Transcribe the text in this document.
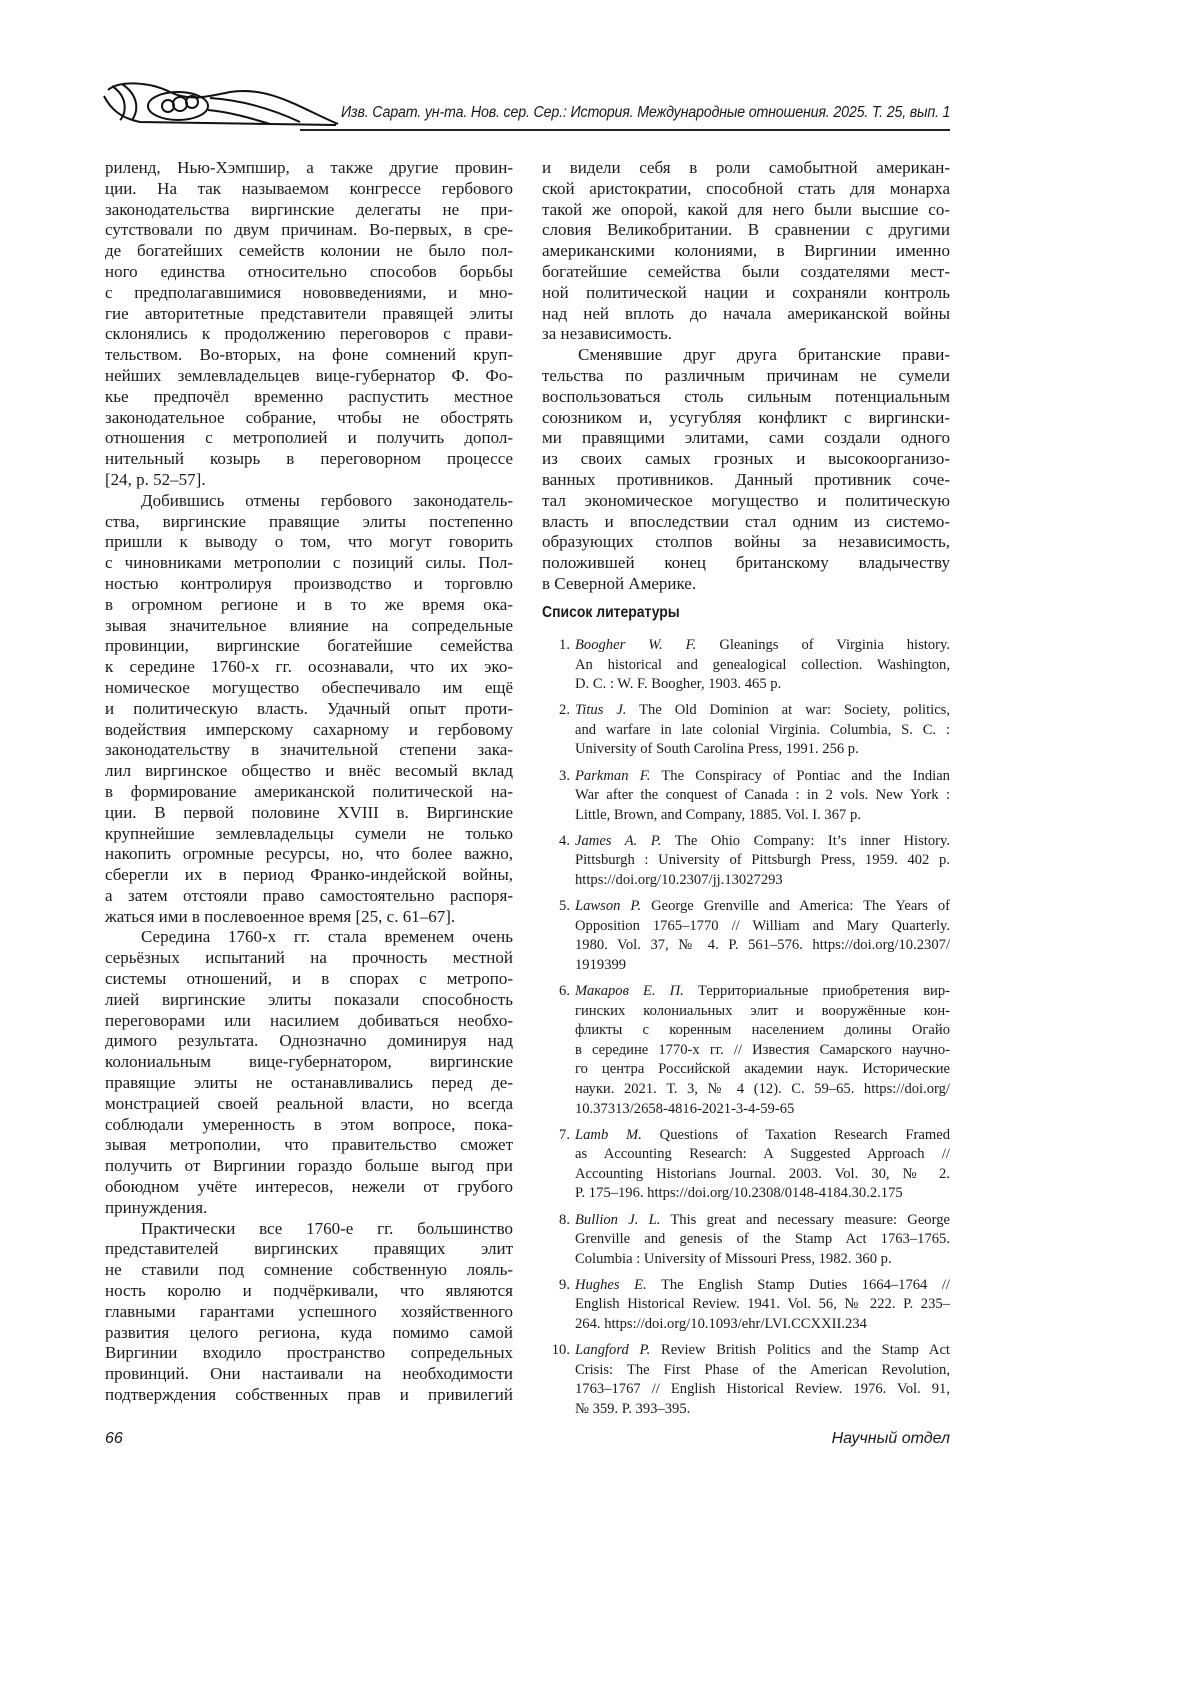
Изв. Сарат. ун-та. Нов. сер. Сер.: История. Международные отношения. 2025. Т. 25, вып. 1
риленд, Нью-Хэмпшир, а также другие провин-
ции. На так называемом конгрессе гербового
законодательства виргинские делегаты не при-
сутствовали по двум причинам. Во-первых, в сре-
де богатейших семейств колонии не было пол-
ного единства относительно способов борьбы
с предполагавшимися нововведениями, и мно-
гие авторитетные представители правящей элиты
склонялись к продолжению переговоров с прави-
тельством. Во-вторых, на фоне сомнений круп-
нейших землевладельцев вице-губернатор Ф. Фо-
кье предпочёл временно распустить местное
законодательное собрание, чтобы не обострять
отношения с метрополией и получить допол-
нительный козырь в переговорном процессе
[24, p. 52–57].
Добившись отмены гербового законодатель-
ства, виргинские правящие элиты постепенно
пришли к выводу о том, что могут говорить
с чиновниками метрополии с позиций силы. Пол-
ностью контролируя производство и торговлю
в огромном регионе и в то же время ока-
зывая значительное влияние на сопредельные
провинции, виргинские богатейшие семейства
к середине 1760-х гг. осознавали, что их эко-
номическое могущество обеспечивало им ещё
и политическую власть. Удачный опыт проти-
водействия имперскому сахарному и гербовому
законодательству в значительной степени зака-
лил виргинское общество и внёс весомый вклад
в формирование американской политической на-
ции. В первой половине XVIII в. Виргинские
крупнейшие землевладельцы сумели не только
накопить огромные ресурсы, но, что более важно,
сберегли их в период Франко-индейской войны,
а затем отстояли право самостоятельно распоря-
жаться ими в послевоенное время [25, с. 61–67].
Середина 1760-х гг. стала временем очень
серьёзных испытаний на прочность местной
системы отношений, и в спорах с метропо-
лией виргинские элиты показали способность
переговорами или насилием добиваться необхо-
димого результата. Однозначно доминируя над
колониальным вице-губернатором, виргинские
правящие элиты не останавливались перед де-
монстрацией своей реальной власти, но всегда
соблюдали умеренность в этом вопросе, пока-
зывая метрополии, что правительство сможет
получить от Виргинии гораздо больше выгод при
обоюдном учёте интересов, нежели от грубого
принуждения.
Практически все 1760-е гг. большинство
представителей виргинских правящих элит
не ставили под сомнение собственную лояль-
ность королю и подчёркивали, что являются
главными гарантами успешного хозяйственного
развития целого региона, куда помимо самой
Виргинии входило пространство сопредельных
провинций. Они настаивали на необходимости
подтверждения собственных прав и привилегий
и видели себя в роли самобытной американ-
ской аристократии, способной стать для монарха
такой же опорой, какой для него были высшие со-
словия Великобритании. В сравнении с другими
американскими колониями, в Виргинии именно
богатейшие семейства были создателями мест-
ной политической нации и сохраняли контроль
над ней вплоть до начала американской войны
за независимость.
Сменявшие друг друга британские прави-
тельства по различным причинам не сумели
воспользоваться столь сильным потенциальным
союзником и, усугубляя конфликт с виргински-
ми правящими элитами, сами создали одного
из своих самых грозных и высокоорганизо-
ванных противников. Данный противник соче-
тал экономическое могущество и политическую
власть и впоследствии стал одним из системо-
образующих столпов войны за независимость,
положившей конец британскому владычеству
в Северной Америке.
Список литературы
1. Boogher W. F. Gleanings of Virginia history.
An historical and genealogical collection. Washington,
D. C. : W. F. Boogher, 1903. 465 p.
2. Titus J. The Old Dominion at war: Society, politics,
and warfare in late colonial Virginia. Columbia, S. C. :
University of South Carolina Press, 1991. 256 p.
3. Parkman F. The Conspiracy of Pontiac and the Indian
War after the conquest of Canada : in 2 vols. New York :
Little, Brown, and Company, 1885. Vol. I. 367 p.
4. James A. P. The Ohio Company: It’s inner History.
Pittsburgh : University of Pittsburgh Press, 1959. 402 p.
https://doi.org/10.2307/jj.13027293
5. Lawson P. George Grenville and America: The Years of
Opposition 1765–1770 // William and Mary Quarterly.
1980. Vol. 37, № 4. P. 561–576. https://doi.org/10.2307/
1919399
6. Макаров Е. П. Территориальные приобретения вир-
гинских колониальных элит и вооружённые кон-
фликты с коренным населением долины Огайо
в середине 1770-х гг. // Известия Самарского научно-
го центра Российской академии наук. Исторические
науки. 2021. Т. 3, № 4 (12). С. 59–65. https://doi.org/
10.37313/2658-4816-2021-3-4-59-65
7. Lamb M. Questions of Taxation Research Framed
as Accounting Research: A Suggested Approach //
Accounting Historians Journal. 2003. Vol. 30, № 2.
P. 175–196. https://doi.org/10.2308/0148-4184.30.2.175
8. Bullion J. L. This great and necessary measure: George
Grenville and genesis of the Stamp Act 1763–1765.
Columbia : University of Missouri Press, 1982. 360 p.
9. Hughes E. The English Stamp Duties 1664–1764 //
English Historical Review. 1941. Vol. 56, № 222. P. 235–
264. https://doi.org/10.1093/ehr/LVI.CCXXII.234
10. Langford P. Review British Politics and the Stamp Act
Crisis: The First Phase of the American Revolution,
1763–1767 // English Historical Review. 1976. Vol. 91,
№ 359. P. 393–395.
66	Научный отдел
